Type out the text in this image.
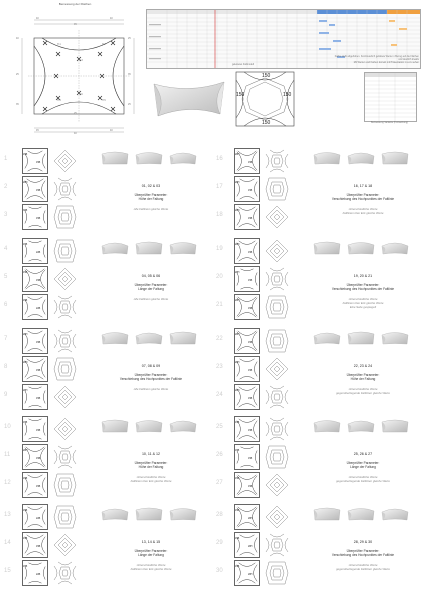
Bemessung der Flächen
40	40
45
40	25
25	35
35	25
25
45
40
40
H.1	H.2
H.3
H.4	H.5
H.6
Farbe steht abgehoben. Kontinuierlich gefaltete Werte in Bezug auf die Flächen und deutlich kreativ
Mit Werten und Farben korrekt mit Präsentation in a zu sehen
geleitetes Faltmodell
150
150	150
150	Bemessung Variante (Fortsetzung)
1
15B
15B
2
28H
15B
3
36B
15B
01, 02 & 03
Überprüfter Parameter:
Höhe der Faltung
Alle Faltlinien gleiche Werte
16
28H
15B
17
28H
15B
18
28H
15B
16, 17 & 18
Überprüfter Parameter:
Verschiebung des Hochpunktes der Faltlinie
Unterschiedliche Werte
Faltlinien über Eck gleiche Werte
4
15B
22B
5
15B
15B
6
15B
22B
04, 05 & 06
Überprüfter Parameter:
Länge der Faltung
Alle Faltlinien gleiche Werte
19
28H
15B
20
28H
15B
21
28H
15B
19, 20 & 21
Überprüfter Parameter:
Verschiebung des Hochpunktes der Faltlinie
Unterschiedliche Werte
Faltlinien über Eck gleiche Werte
Eine Seite gespiegelt
7
28H
15B
8
28H
15B
9
28H
15B
07, 08 & 09
Überprüfter Parameter:
Verschiebung des Hochpunktes der Faltlinie
Alle Faltlinien gleiche Werte
22
28H
15B
23
28H
15B
24
28H
15B
22, 23 & 24
Überprüfter Parameter:
Höhe der Faltung
Unterschiedliche Werte
gegenüberliegende Faltlinien gleiche Werte
10
15B
15B
11
28H
15B
12
15B
15B
10, 11 & 12
Überprüfter Parameter:
Höhe der Faltung
Unterschiedliche Werte
Faltlinien über Eck gleiche Werte
25
15B
15B
26
15B
15B
27
15B
15B
25, 26 & 27
Überprüfter Parameter:
Länge der Faltung
Unterschiedliche Werte
gegenüberliegende Faltlinien gleiche Werte
13
15B
22B
14
15B
15B
15
15B
22B
13, 14 & 15
Überprüfter Parameter:
Länge der Faltung
Unterschiedliche Werte
Faltlinien über Eck gleiche Werte
28
15B
28H
29
15B
28H
30
15B
28H
28, 29 & 30
Überprüfter Parameter:
Verschiebung des Hochpunktes der Faltlinie
Unterschiedliche Werte
gegenüberliegende Faltlinien gleiche Werte
